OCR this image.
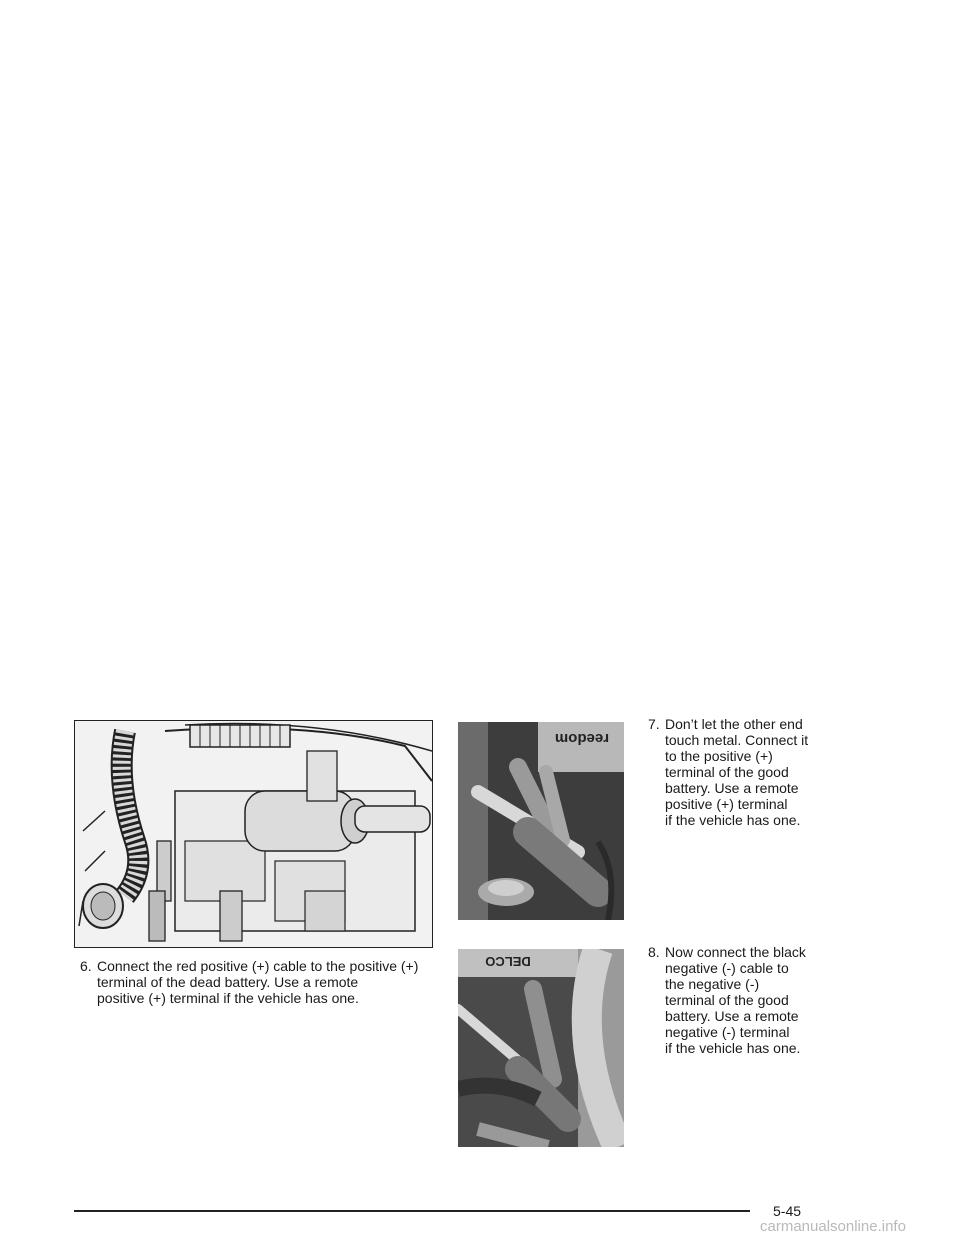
reedom
DELCO
6. Connect the red positive (+) cable to the positive (+)
terminal of the dead battery. Use a remote
positive (+) terminal if the vehicle has one.
7. Don’t let the other end
touch metal. Connect it
to the positive (+)
terminal of the good
battery. Use a remote
positive (+) terminal
if the vehicle has one.
8. Now connect the black
negative (-) cable to
the negative (-)
terminal of the good
battery. Use a remote
negative (-) terminal
if the vehicle has one.
5-45
carmanualsonline.info
